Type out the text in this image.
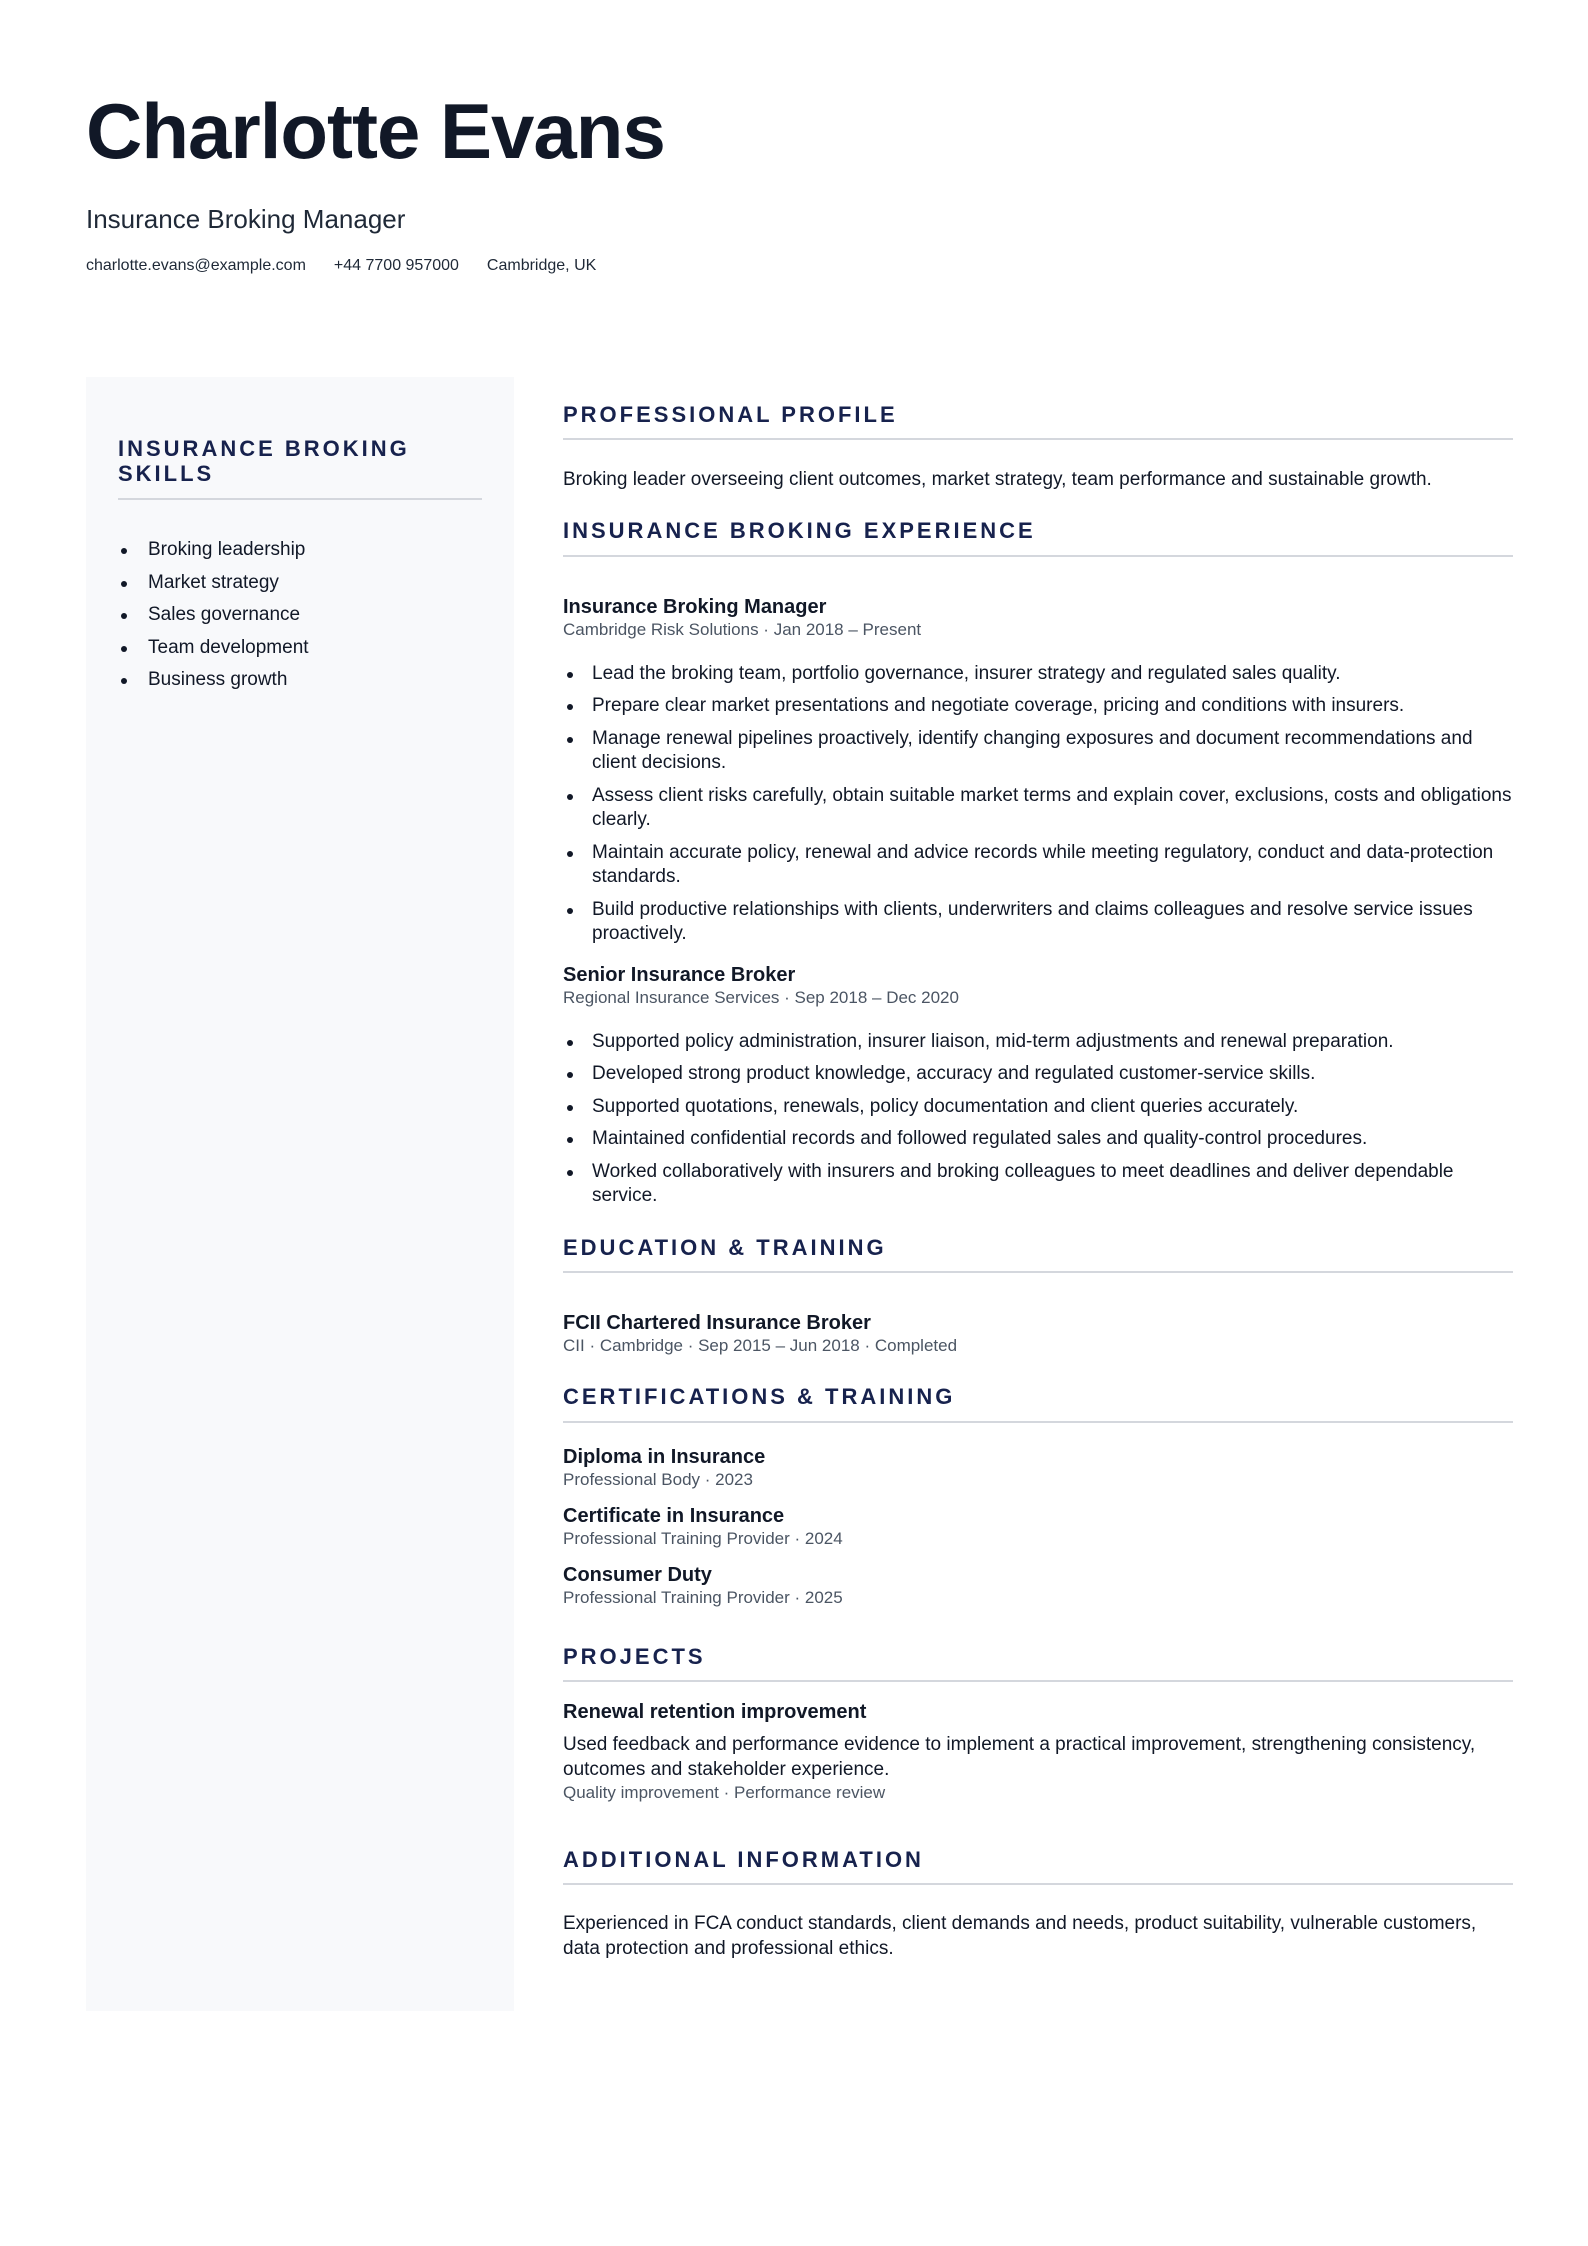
Charlotte Evans
Insurance Broking Manager
charlotte.evans@example.com +44 7700 957000 Cambridge, UK
INSURANCE BROKING SKILLS
Broking leadership
Market strategy
Sales governance
Team development
Business growth
PROFESSIONAL PROFILE

Broking leader overseeing client outcomes, market strategy, team performance and sustainable growth.

INSURANCE BROKING EXPERIENCE

Insurance Broking Manager

Cambridge Risk Solutions · Jan 2018 – Present

Lead the broking team, portfolio governance, insurer strategy and regulated sales quality.
Prepare clear market presentations and negotiate coverage, pricing and conditions with insurers.
Manage renewal pipelines proactively, identify changing exposures and document recommendations and client decisions.
Assess client risks carefully, obtain suitable market terms and explain cover, exclusions, costs and obligations clearly.
Maintain accurate policy, renewal and advice records while meeting regulatory, conduct and data-protection standards.
Build productive relationships with clients, underwriters and claims colleagues and resolve service issues proactively.

Senior Insurance Broker

Regional Insurance Services · Sep 2018 – Dec 2020

Supported policy administration, insurer liaison, mid-term adjustments and renewal preparation.
Developed strong product knowledge, accuracy and regulated customer-service skills.
Supported quotations, renewals, policy documentation and client queries accurately.
Maintained confidential records and followed regulated sales and quality-control procedures.
Worked collaboratively with insurers and broking colleagues to meet deadlines and deliver dependable service.
EDUCATION & TRAINING

FCII Chartered Insurance Broker

CII · Cambridge · Sep 2015 – Jun 2018 · Completed

CERTIFICATIONS & TRAINING

Diploma in Insurance

Professional Body · 2023

Certificate in Insurance

Professional Training Provider · 2024

Consumer Duty

Professional Training Provider · 2025

PROJECTS

Renewal retention improvement

Used feedback and performance evidence to implement a practical improvement, strengthening consistency, outcomes and stakeholder experience.

Quality improvement · Performance review

ADDITIONAL INFORMATION

Experienced in FCA conduct standards, client demands and needs, product suitability, vulnerable customers, data protection and professional ethics.
